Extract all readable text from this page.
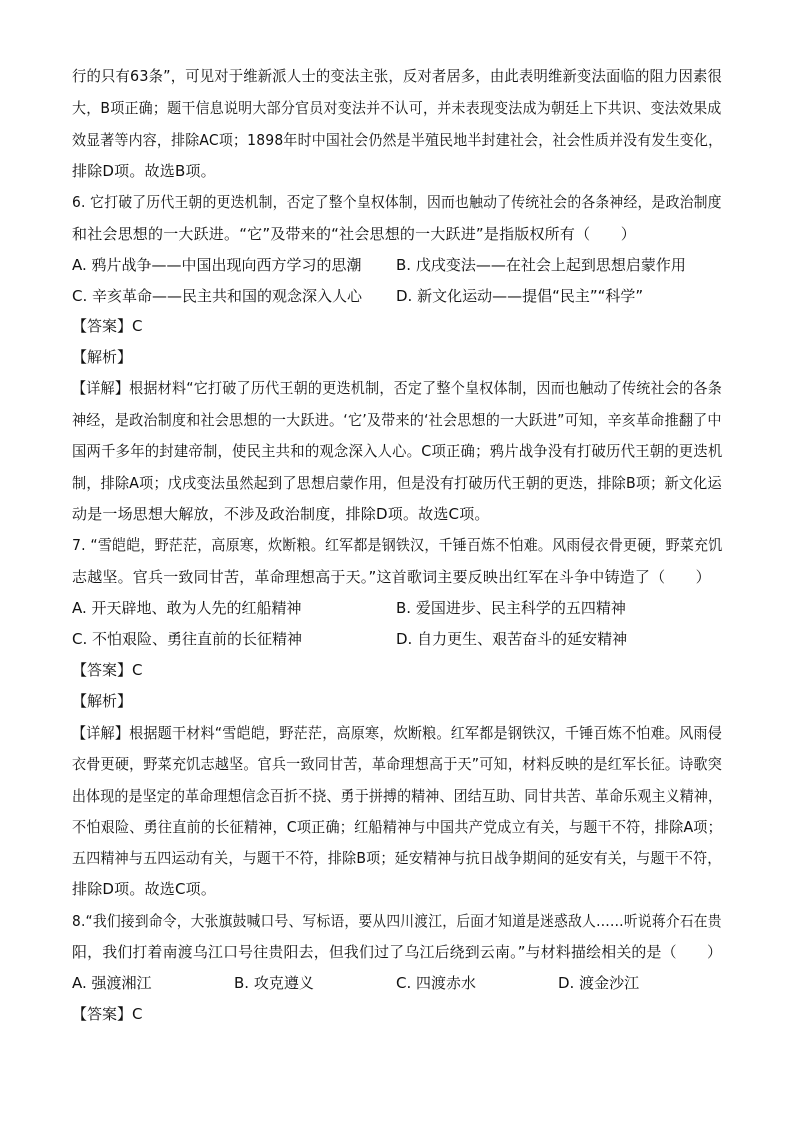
行的只有63条”，可见对于维新派人士的变法主张，反对者居多，由此表明维新变法面临的阻力因素很
大，B项正确；题干信息说明大部分官员对变法并不认可，并未表现变法成为朝廷上下共识、变法效果成
效显著等内容，排除AC项；1898年时中国社会仍然是半殖民地半封建社会，社会性质并没有发生变化，
排除D项。故选B项。
6. 它打破了历代王朝的更迭机制，否定了整个皇权体制，因而也触动了传统社会的各条神经，是政治制度
和社会思想的一大跃进。“它”及带来的“社会思想的一大跃进”是指版权所有（　　）
A. 鸦片战争——中国出现向西方学习的思潮 B. 戊戌变法——在社会上起到思想启蒙作用
C. 辛亥革命——民主共和国的观念深入人心 D. 新文化运动——提倡“民主”“科学”
【答案】C
【解析】
【详解】根据材料“它打破了历代王朝的更迭机制，否定了整个皇权体制，因而也触动了传统社会的各条
神经，是政治制度和社会思想的一大跃进。‘它’及带来的‘社会思想的一大跃进”可知，辛亥革命推翻了中
国两千多年的封建帝制，使民主共和的观念深入人心。C项正确；鸦片战争没有打破历代王朝的更迭机
制，排除A项；戊戌变法虽然起到了思想启蒙作用，但是没有打破历代王朝的更迭，排除B项；新文化运
动是一场思想大解放，不涉及政治制度，排除D项。故选C项。
7. “雪皑皑，野茫茫，高原寒，炊断粮。红军都是钢铁汉，千锤百炼不怕难。风雨侵衣骨更硬，野菜充饥
志越坚。官兵一致同甘苦，革命理想高于天。”这首歌词主要反映出红军在斗争中铸造了（　　）
A. 开天辟地、敢为人先的红船精神	B. 爱国进步、民主科学的五四精神
C. 不怕艰险、勇往直前的长征精神	D. 自力更生、艰苦奋斗的延安精神
【答案】C
【解析】
【详解】根据题干材料“雪皑皑，野茫茫，高原寒，炊断粮。红军都是钢铁汉，千锤百炼不怕难。风雨侵
衣骨更硬，野菜充饥志越坚。官兵一致同甘苦，革命理想高于天”可知，材料反映的是红军长征。诗歌突
出体现的是坚定的革命理想信念百折不挠、勇于拼搏的精神、团结互助、同甘共苦、革命乐观主义精神，
不怕艰险、勇往直前的长征精神，C项正确；红船精神与中国共产党成立有关，与题干不符，排除A项；
五四精神与五四运动有关，与题干不符，排除B项；延安精神与抗日战争期间的延安有关，与题干不符，
排除D项。故选C项。
8.“我们接到命令，大张旗鼓喊口号、写标语，要从四川渡江，后面才知道是迷惑敌人……听说蒋介石在贵
阳，我们打着南渡乌江口号往贵阳去，但我们过了乌江后绕到云南。”与材料描绘相关的是（　　）
A. 强渡湘江	B. 攻克遵义	C. 四渡赤水	D. 渡金沙江
【答案】C
